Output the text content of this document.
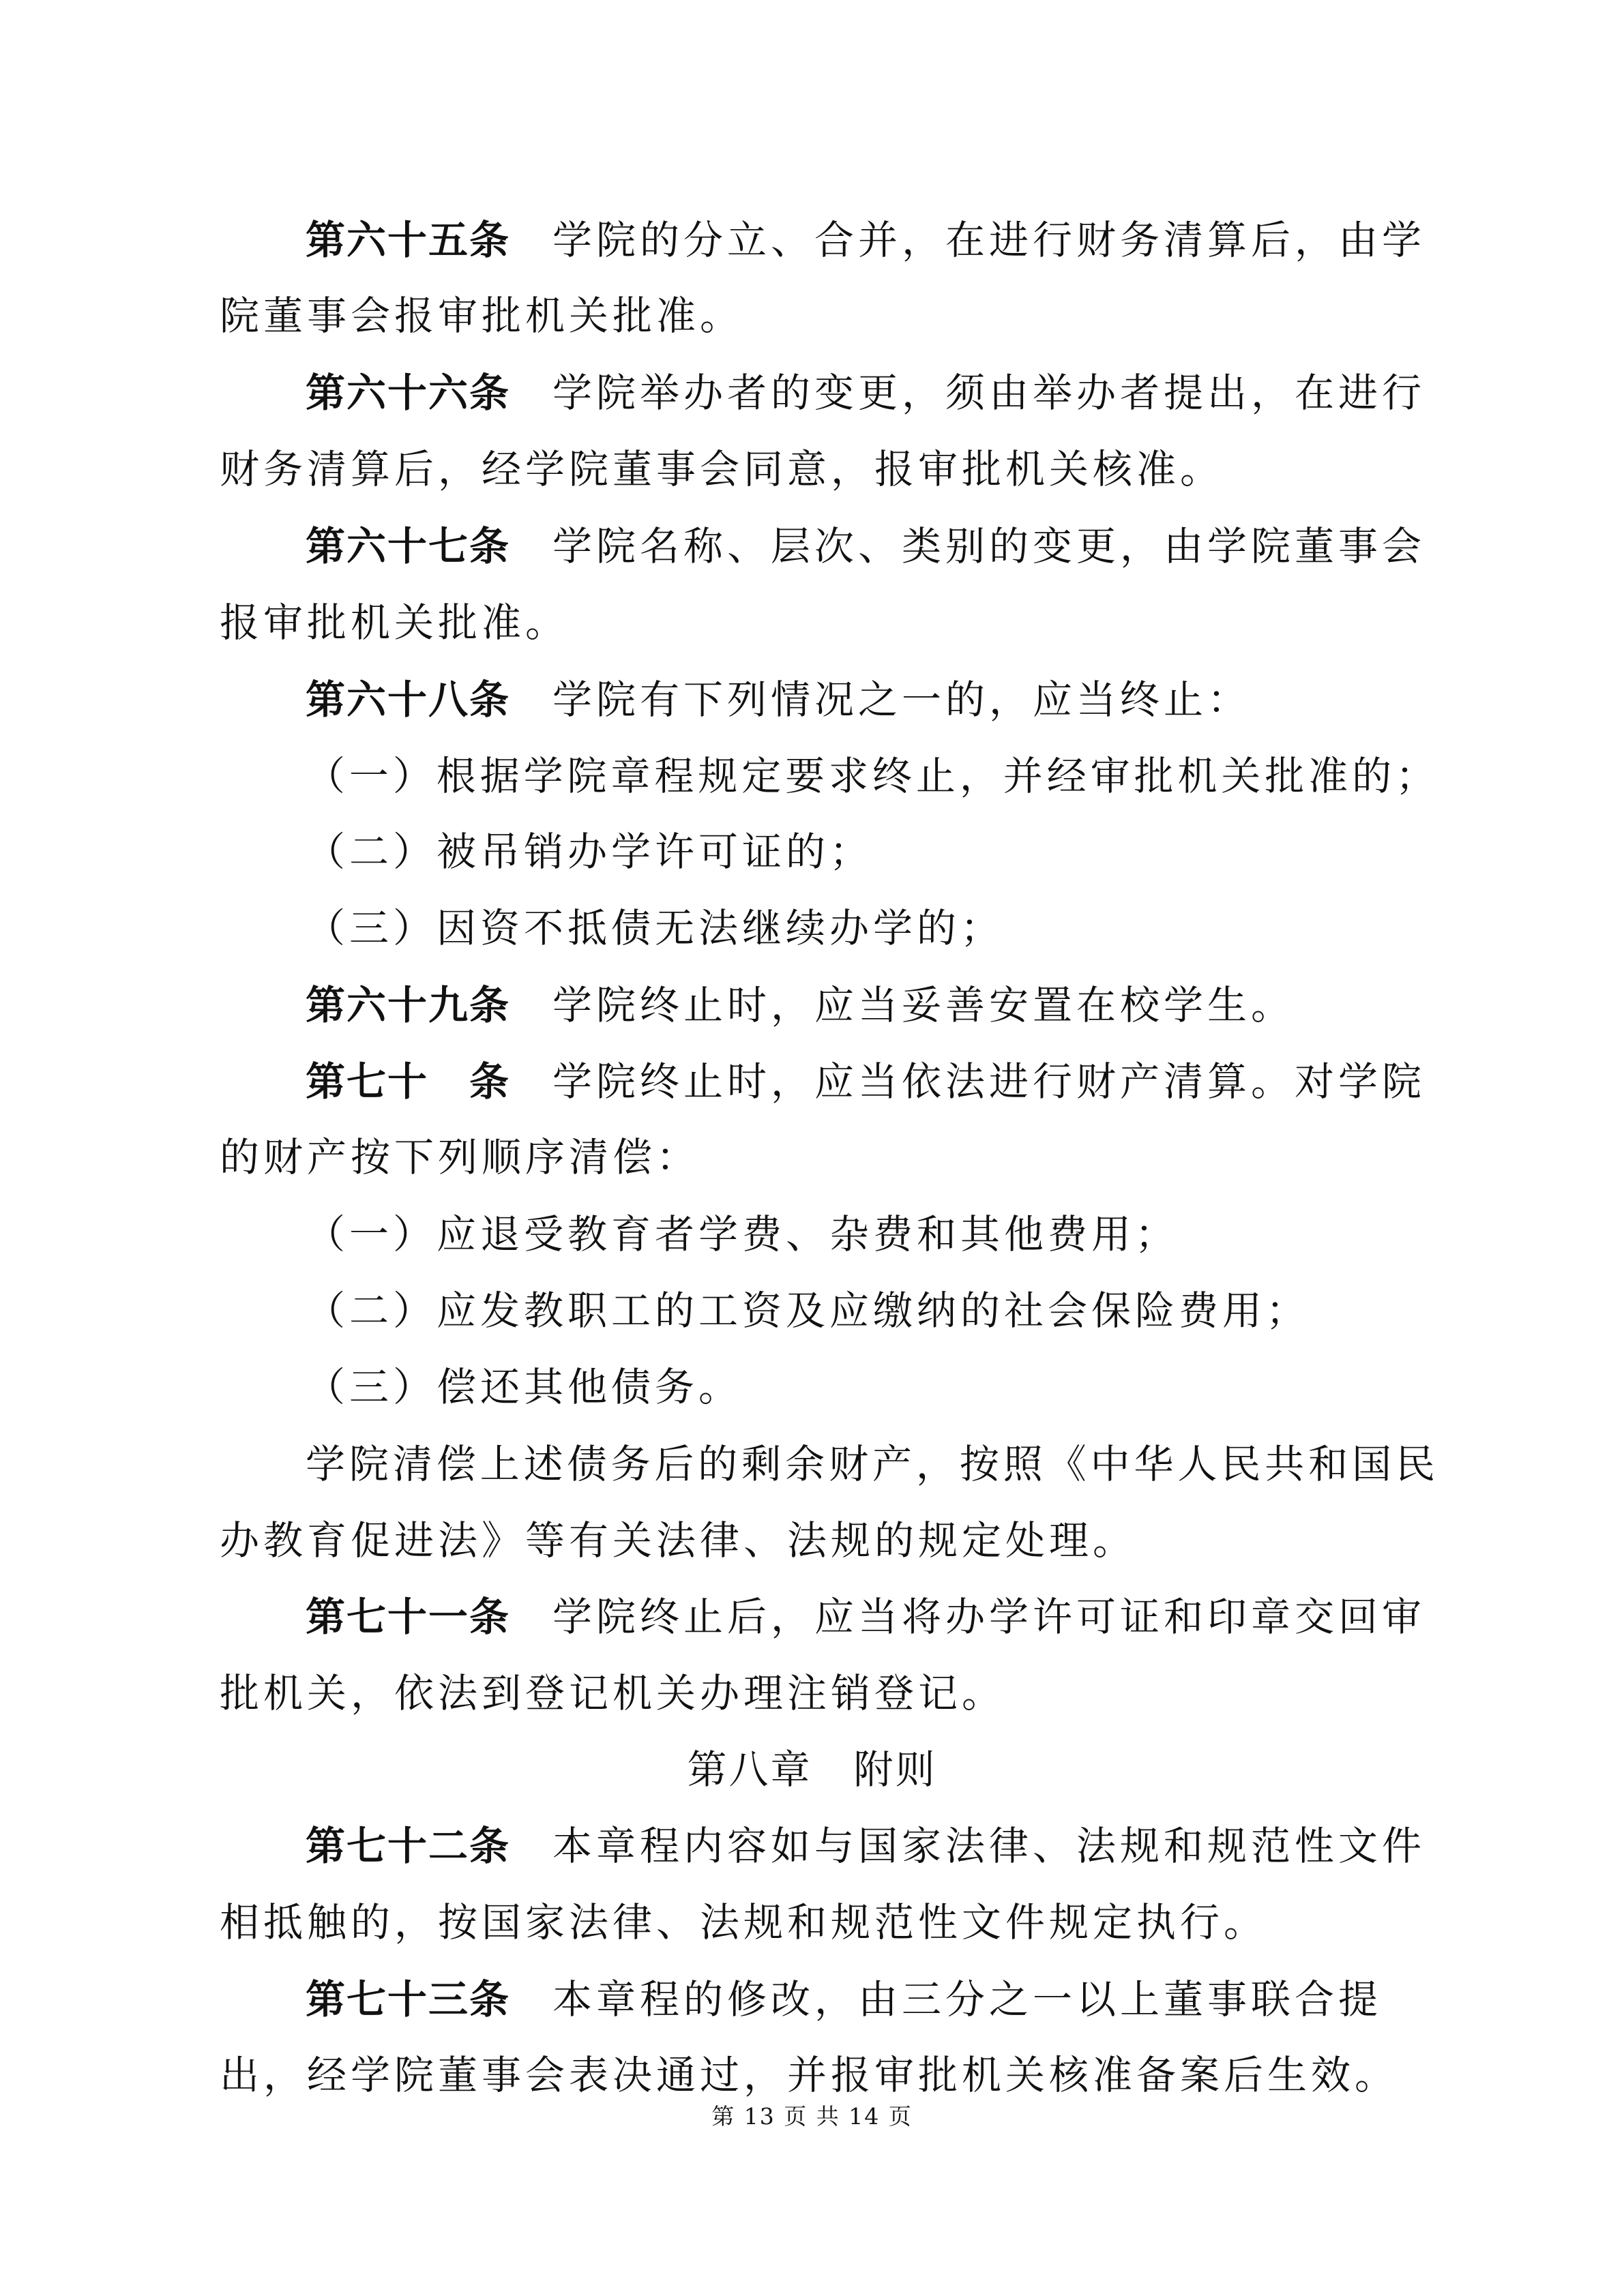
第六十五条 学院的分立、合并，在进行财务清算后，由学
院董事会报审批机关批准。
第六十六条 学院举办者的变更，须由举办者提出，在进行
财务清算后，经学院董事会同意，报审批机关核准。
第六十七条 学院名称、层次、类别的变更，由学院董事会
报审批机关批准。
第六十八条 学院有下列情况之一的，应当终止：
（一）根据学院章程规定要求终止，并经审批机关批准的；
（二）被吊销办学许可证的；
（三）因资不抵债无法继续办学的；
第六十九条 学院终止时，应当妥善安置在校学生。
第七十　条 学院终止时，应当依法进行财产清算。对学院
的财产按下列顺序清偿：
（一）应退受教育者学费、杂费和其他费用；
（二）应发教职工的工资及应缴纳的社会保险费用；
（三）偿还其他债务。
学院清偿上述债务后的剩余财产，按照《中华人民共和国民
办教育促进法》等有关法律、法规的规定处理。
第七十一条 学院终止后，应当将办学许可证和印章交回审
批机关，依法到登记机关办理注销登记。
第八章　附则
第七十二条 本章程内容如与国家法律、法规和规范性文件
相抵触的，按国家法律、法规和规范性文件规定执行。
第七十三条 本章程的修改，由三分之一以上董事联合提
出，经学院董事会表决通过，并报审批机关核准备案后生效。
第 13 页 共 14 页
